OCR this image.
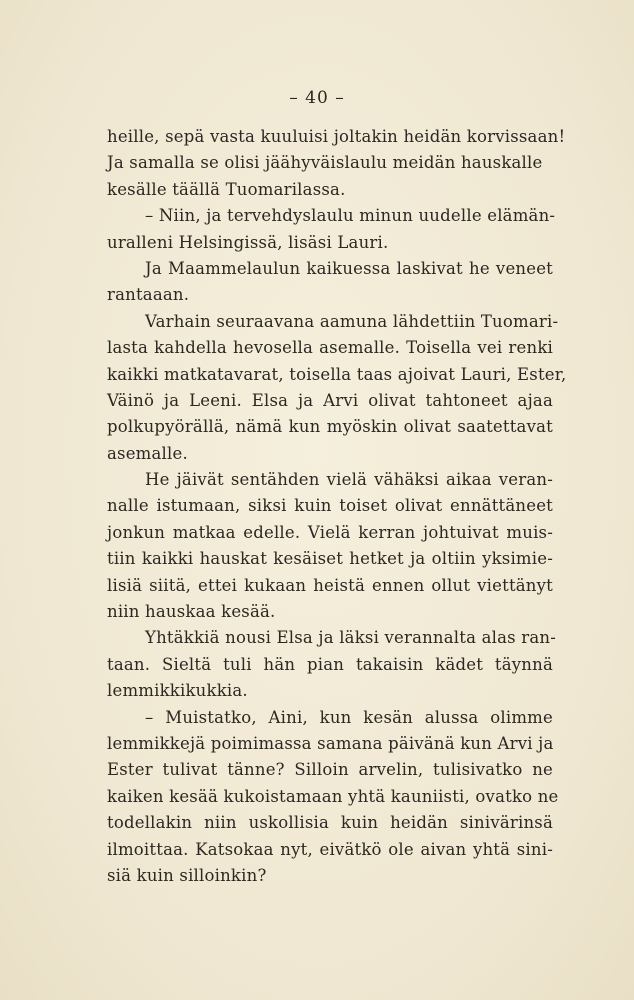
– 40 –
heille, sepä vasta kuuluisi joltakin heidän korvissaan!
Ja samalla se olisi jäähyväislaulu meidän hauskalle
kesälle täällä Tuomarilassa.
– Niin, ja tervehdyslaulu minun uudelle elämän-
uralleni Helsingissä, lisäsi Lauri.
Ja Maammelaulun kaikuessa laskivat he veneet
rantaaan.
Varhain seuraavana aamuna lähdettiin Tuomari-
lasta kahdella hevosella asemalle. Toisella vei renki
kaikki matkatavarat, toisella taas ajoivat Lauri, Ester,
Väinö ja Leeni. Elsa ja Arvi olivat tahtoneet ajaa
polkupyörällä, nämä kun myöskin olivat saatettavat
asemalle.
He jäivät sentähden vielä vähäksi aikaa veran-
nalle istumaan, siksi kuin toiset olivat ennättäneet
jonkun matkaa edelle. Vielä kerran johtuivat muis-
tiin kaikki hauskat kesäiset hetket ja oltiin yksimie-
lisiä siitä, ettei kukaan heistä ennen ollut viettänyt
niin hauskaa kesää.
Yhtäkkiä nousi Elsa ja läksi verannalta alas ran-
taan. Sieltä tuli hän pian takaisin kädet täynnä
lemmikkikukkia.
– Muistatko, Aini, kun kesän alussa olimme
lemmikkejä poimimassa samana päivänä kun Arvi ja
Ester tulivat tänne? Silloin arvelin, tulisivatko ne
kaiken kesää kukoistamaan yhtä kauniisti, ovatko ne
todellakin niin uskollisia kuin heidän sinivärinsä
ilmoittaa. Katsokaa nyt, eivätkö ole aivan yhtä sini-
siä kuin silloinkin?
